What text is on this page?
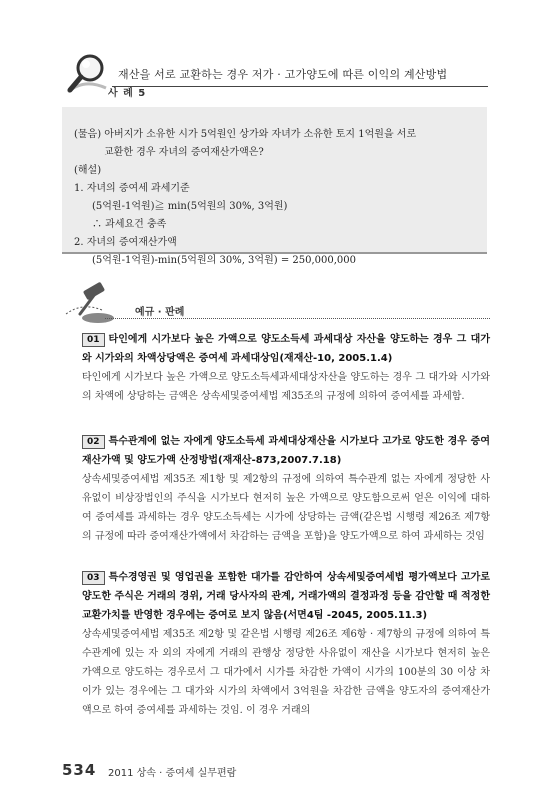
재산을 서로 교환하는 경우 저가 · 고가양도에 따른 이익의 계산방법
사 례 5
(물음) 아버지가 소유한 시가 5억원인 상가와 자녀가 소유한 토지 1억원을 서로
교환한 경우 자녀의 증여재산가액은?
(해설)
1. 자녀의 증여세 과세기준
(5억원-1억원)≧ min(5억원의 30%, 3억원)
∴ 과세요건 충족
2. 자녀의 증여재산가액
(5억원-1억원)-min(5억원의 30%, 3억원) = 250,000,000
예규 · 판례

01 타인에게 시가보다 높은 가액으로 양도소득세 과세대상 자산을 양도하는 경우 그 대가와 시가와의 차액상당액은 증여세 과세대상임(재재산-10, 2005.1.4)

타인에게 시가보다 높은 가액으로 양도소득세과세대상자산을 양도하는 경우 그 대가와 시가와의 차액에 상당하는 금액은 상속세및증여세법 제35조의 규정에 의하여 증여세를 과세함.

02 특수관계에 없는 자에게 양도소득세 과세대상재산을 시가보다 고가로 양도한 경우 증여재산가액 및 양도가액 산정방법(재재산-873,2007.7.18)

상속세및증여세법 제35조 제1항 및 제2항의 규정에 의하여 특수관계 없는 자에게 정당한 사유없이 비상장법인의 주식을 시가보다 현저히 높은 가액으로 양도함으로써 얻은 이익에 대하여 증여세를 과세하는 경우 양도소득세는 시가에 상당하는 금액(같은법 시행령 제26조 제7항의 규정에 따라 증여재산가액에서 차감하는 금액을 포함)을 양도가액으로 하여 과세하는 것임

03 특수경영권 및 영업권을 포함한 대가를 감안하여 상속세및증여세법 평가액보다 고가로 양도한 주식은 거래의 경위, 거래 당사자의 관계, 거래가액의 결정과정 등을 감안할 때 적정한 교환가치를 반영한 경우에는 증여로 보지 않음(서면4팀 -2045, 2005.11.3)

상속세및증여세법 제35조 제2항 및 같은법 시행령 제26조 제6항 · 제7항의 규정에 의하여 특수관계에 있는 자 외의 자에게 거래의 관행상 정당한 사유없이 재산을 시가보다 현저히 높은 가액으로 양도하는 경우로서 그 대가에서 시가를 차감한 가액이 시가의 100분의 30 이상 차이가 있는 경우에는 그 대가와 시가의 차액에서 3억원을 차감한 금액을 양도자의 증여재산가액으로 하여 증여세를 과세하는 것임. 이 경우 거래의

534 2011 상속 · 증여세 실무편람
